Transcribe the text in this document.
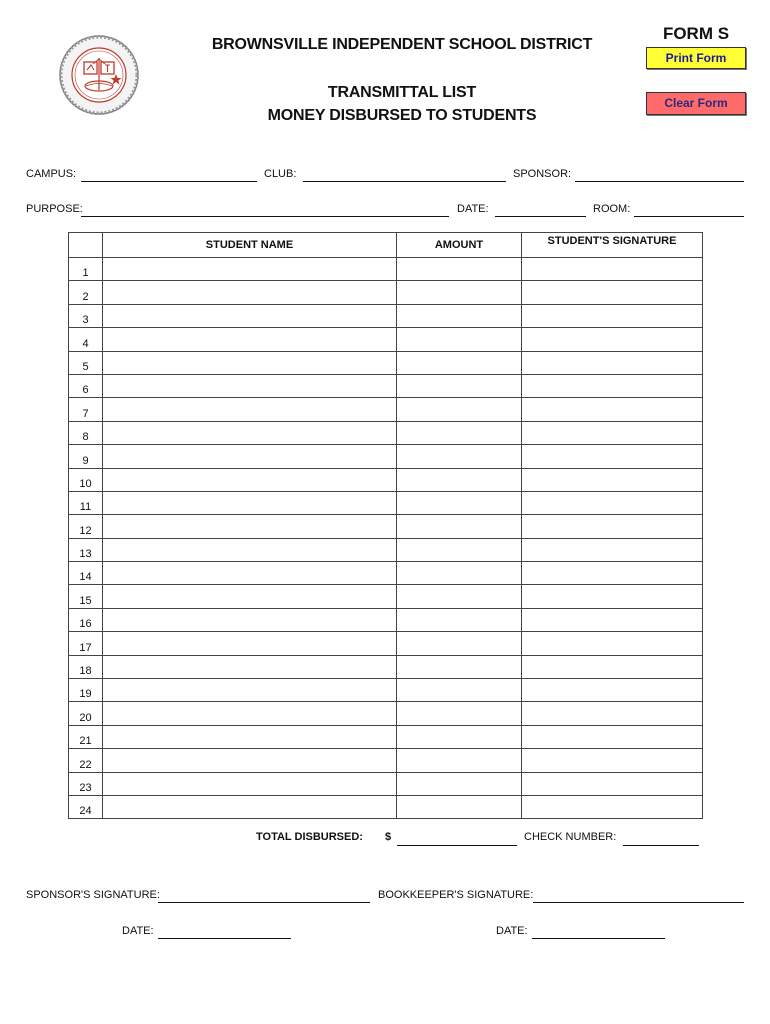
BROWNSVILLE INDEPENDENT SCHOOL DISTRICT
TRANSMITTAL LIST
MONEY DISBURSED TO STUDENTS
FORM S
Print Form
Clear Form
CAMPUS:	CLUB:	SPONSOR:
PURPOSE:	DATE:	ROOM:
	STUDENT NAME	AMOUNT	STUDENT'S SIGNATURE
1			
2			
3			
4			
5			
6			
7			
8			
9			
10			
11			
12			
13			
14			
15			
16			
17			
18			
19			
20			
21			
22			
23			
24			
TOTAL DISBURSED: $	CHECK NUMBER:
SPONSOR'S SIGNATURE:	BOOKKEEPER'S SIGNATURE:
DATE:	DATE:
